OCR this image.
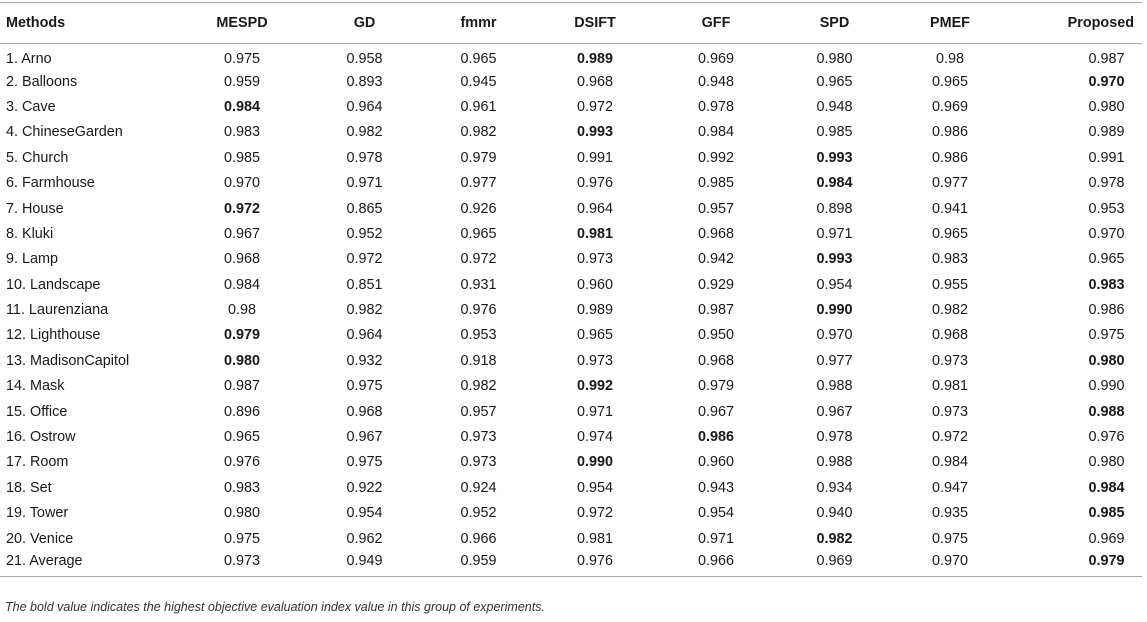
Methods	MESPD	GD	fmmr	DSIFT	GFF	SPD	PMEF	Proposed
1. Arno	0.975	0.958	0.965	0.989	0.969	0.980	0.98	0.987
2. Balloons	0.959	0.893	0.945	0.968	0.948	0.965	0.965	0.970
3. Cave	0.984	0.964	0.961	0.972	0.978	0.948	0.969	0.980
4. ChineseGarden	0.983	0.982	0.982	0.993	0.984	0.985	0.986	0.989
5. Church	0.985	0.978	0.979	0.991	0.992	0.993	0.986	0.991
6. Farmhouse	0.970	0.971	0.977	0.976	0.985	0.984	0.977	0.978
7. House	0.972	0.865	0.926	0.964	0.957	0.898	0.941	0.953
8. Kluki	0.967	0.952	0.965	0.981	0.968	0.971	0.965	0.970
9. Lamp	0.968	0.972	0.972	0.973	0.942	0.993	0.983	0.965
10. Landscape	0.984	0.851	0.931	0.960	0.929	0.954	0.955	0.983
11. Laurenziana	0.98	0.982	0.976	0.989	0.987	0.990	0.982	0.986
12. Lighthouse	0.979	0.964	0.953	0.965	0.950	0.970	0.968	0.975
13. MadisonCapitol	0.980	0.932	0.918	0.973	0.968	0.977	0.973	0.980
14. Mask	0.987	0.975	0.982	0.992	0.979	0.988	0.981	0.990
15. Office	0.896	0.968	0.957	0.971	0.967	0.967	0.973	0.988
16. Ostrow	0.965	0.967	0.973	0.974	0.986	0.978	0.972	0.976
17. Room	0.976	0.975	0.973	0.990	0.960	0.988	0.984	0.980
18. Set	0.983	0.922	0.924	0.954	0.943	0.934	0.947	0.984
19. Tower	0.980	0.954	0.952	0.972	0.954	0.940	0.935	0.985
20. Venice	0.975	0.962	0.966	0.981	0.971	0.982	0.975	0.969
21. Average	0.973	0.949	0.959	0.976	0.966	0.969	0.970	0.979
The bold value indicates the highest objective evaluation index value in this group of experiments.
